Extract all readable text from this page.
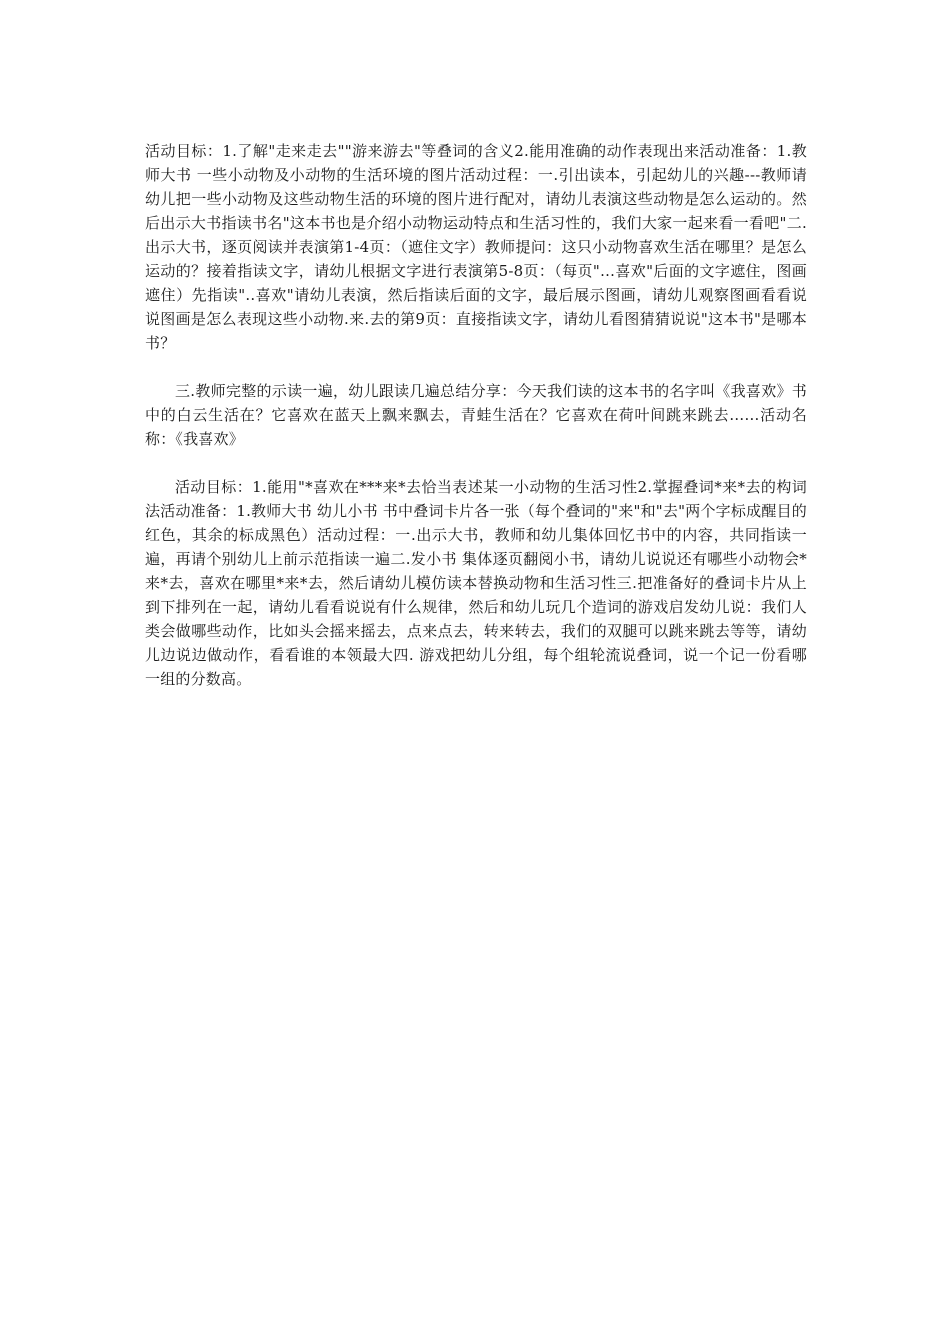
活动目标：1.了解"走来走去""游来游去"等叠词的含义2.能用准确的动作表现出来活动准备：1.教师大书 一些小动物及小动物的生活环境的图片活动过程：一.引出读本，引起幼儿的兴趣---教师请幼儿把一些小动物及这些动物生活的环境的图片进行配对，请幼儿表演这些动物是怎么运动的。然后出示大书指读书名"这本书也是介绍小动物运动特点和生活习性的，我们大家一起来看一看吧"二.出示大书，逐页阅读并表演第1-4页：（遮住文字）教师提问：这只小动物喜欢生活在哪里？是怎么运动的？接着指读文字，请幼儿根据文字进行表演第5-8页：（每页"…喜欢"后面的文字遮住，图画遮住）先指读"..喜欢"请幼儿表演，然后指读后面的文字，最后展示图画，请幼儿观察图画看看说说图画是怎么表现这些小动物.来.去的第9页：直接指读文字，请幼儿看图猜猜说说"这本书"是哪本书？

三.教师完整的示读一遍，幼儿跟读几遍总结分享：今天我们读的这本书的名字叫《我喜欢》书中的白云生活在？它喜欢在蓝天上飘来飘去，青蛙生活在？它喜欢在荷叶间跳来跳去……活动名称：《我喜欢》

活动目标：1.能用"*喜欢在***来*去恰当表述某一小动物的生活习性2.掌握叠词*来*去的构词法活动准备：1.教师大书 幼儿小书 书中叠词卡片各一张（每个叠词的"来"和"去"两个字标成醒目的红色，其余的标成黑色）活动过程：一.出示大书，教师和幼儿集体回忆书中的内容，共同指读一遍，再请个别幼儿上前示范指读一遍二.发小书 集体逐页翻阅小书，请幼儿说说还有哪些小动物会*来*去，喜欢在哪里*来*去，然后请幼儿模仿读本替换动物和生活习性三.把准备好的叠词卡片从上到下排列在一起，请幼儿看看说说有什么规律，然后和幼儿玩几个造词的游戏启发幼儿说：我们人类会做哪些动作，比如头会摇来摇去，点来点去，转来转去，我们的双腿可以跳来跳去等等，请幼儿边说边做动作，看看谁的本领最大四. 游戏把幼儿分组，每个组轮流说叠词，说一个记一份看哪一组的分数高。
